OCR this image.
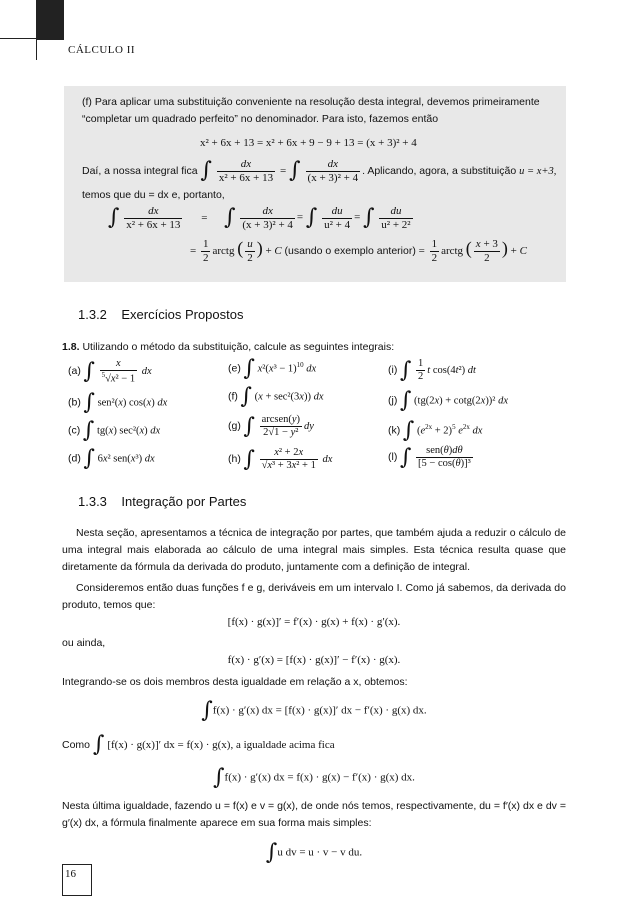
CÁLCULO II
(f) Para aplicar uma substituição conveniente na resolução desta integral, devemos primeiramente
“completar um quadrado perfeito” no denominador. Para isto, fazemos então
x² + 6x + 13 = x² + 6x + 9 − 9 + 13 = (x + 3)² + 4
Daí, a nossa integral fica ∫ $\frac{dx}{\text{x² + 6x + 13}}$ = ∫ $\frac{dx}{\text{(x + 3)² + 4}}$ . Aplicando, agora, a substituição u = x+3,
temos que du = dx e, portanto,
∫ $\frac{dx}{\text{x² + 6x + 13}}$ = ∫ $\frac{dx}{\text{(x + 3)² + 4}}$ = ∫ $\frac{du}{\text{u² + 4}}$ = ∫ $\frac{du}{\text{u² + 2²}}$
= $\frac{1}{2}$ arctg ( $\frac{u}{2}$ ) + C (usando o exemplo anterior) = $\frac{1}{2}$ arctg ( $\frac{x + 3}{2}$ ) + C
1.3.2 Exercícios Propostos
1.8. Utilizando o método da substituição, calcule as seguintes integrais:
(a) ∫ $\frac{x}{^5√x^2 - 1}$ dx
(b) ∫ sen²(x) cos(x) dx
(c) ∫ tg(x) sec²(x) dx
(d) ∫ 6x² sen(x³) dx
(e) ∫ $x^2(x^3 - 1)^{10}$ dx
(f) ∫ (x + sec²(3x)) dx
(g) ∫ $\frac{\text{arcsen(y)}}{\text{2√1 − y²}}$ dy
(h) ∫ $\frac{\text{x² + 2x}}{\text{√x³ + 3x² + 1}}$ dx
(i) ∫ $\frac{1}{2}$ t cos(4t²) dt
(j) ∫ (tg(2x) + cotg(2x))² dx
(k) ∫ $(e^{2x} + 2)^5$ $e^{2x}$ dx
(l) ∫ $\frac{\text{sen(θ)dθ}}{\text{[5 − cos(θ)]³}}$
1.3.3 Integração por Partes
Nesta seção, apresentamos a técnica de integração por partes, que também ajuda a reduzir o cálculo de uma integral mais elaborada ao cálculo de uma integral mais simples. Esta técnica resulta quase que diretamente da fórmula da derivada do produto, juntamente com a definição de integral.
Consideremos então duas funções f e g, deriváveis em um intervalo I. Como já sabemos, da derivada do produto, temos que:
[f(x) · g(x)]′ = f′(x) · g(x) + f(x) · g′(x).
ou ainda,
f(x) · g′(x) = [f(x) · g(x)]′ − f′(x) · g(x).
Integrando-se os dois membros desta igualdade em relação a x, obtemos:
∫f(x) · g′(x) dx = [f(x) · g(x)]′ dx − f′(x) · g(x) dx.
Como ∫ [f(x) · g(x)]′ dx = f(x) · g(x), a igualdade acima fica
∫f(x) · g′(x) dx = f(x) · g(x) − f′(x) · g(x) dx.
Nesta última igualdade, fazendo u = f(x) e v = g(x), de onde nós temos, respectivamente, du = f′(x) dx e dv = g′(x) dx, a fórmula finalmente aparece em sua forma mais simples:
∫u dv = u · v − v du.
16
